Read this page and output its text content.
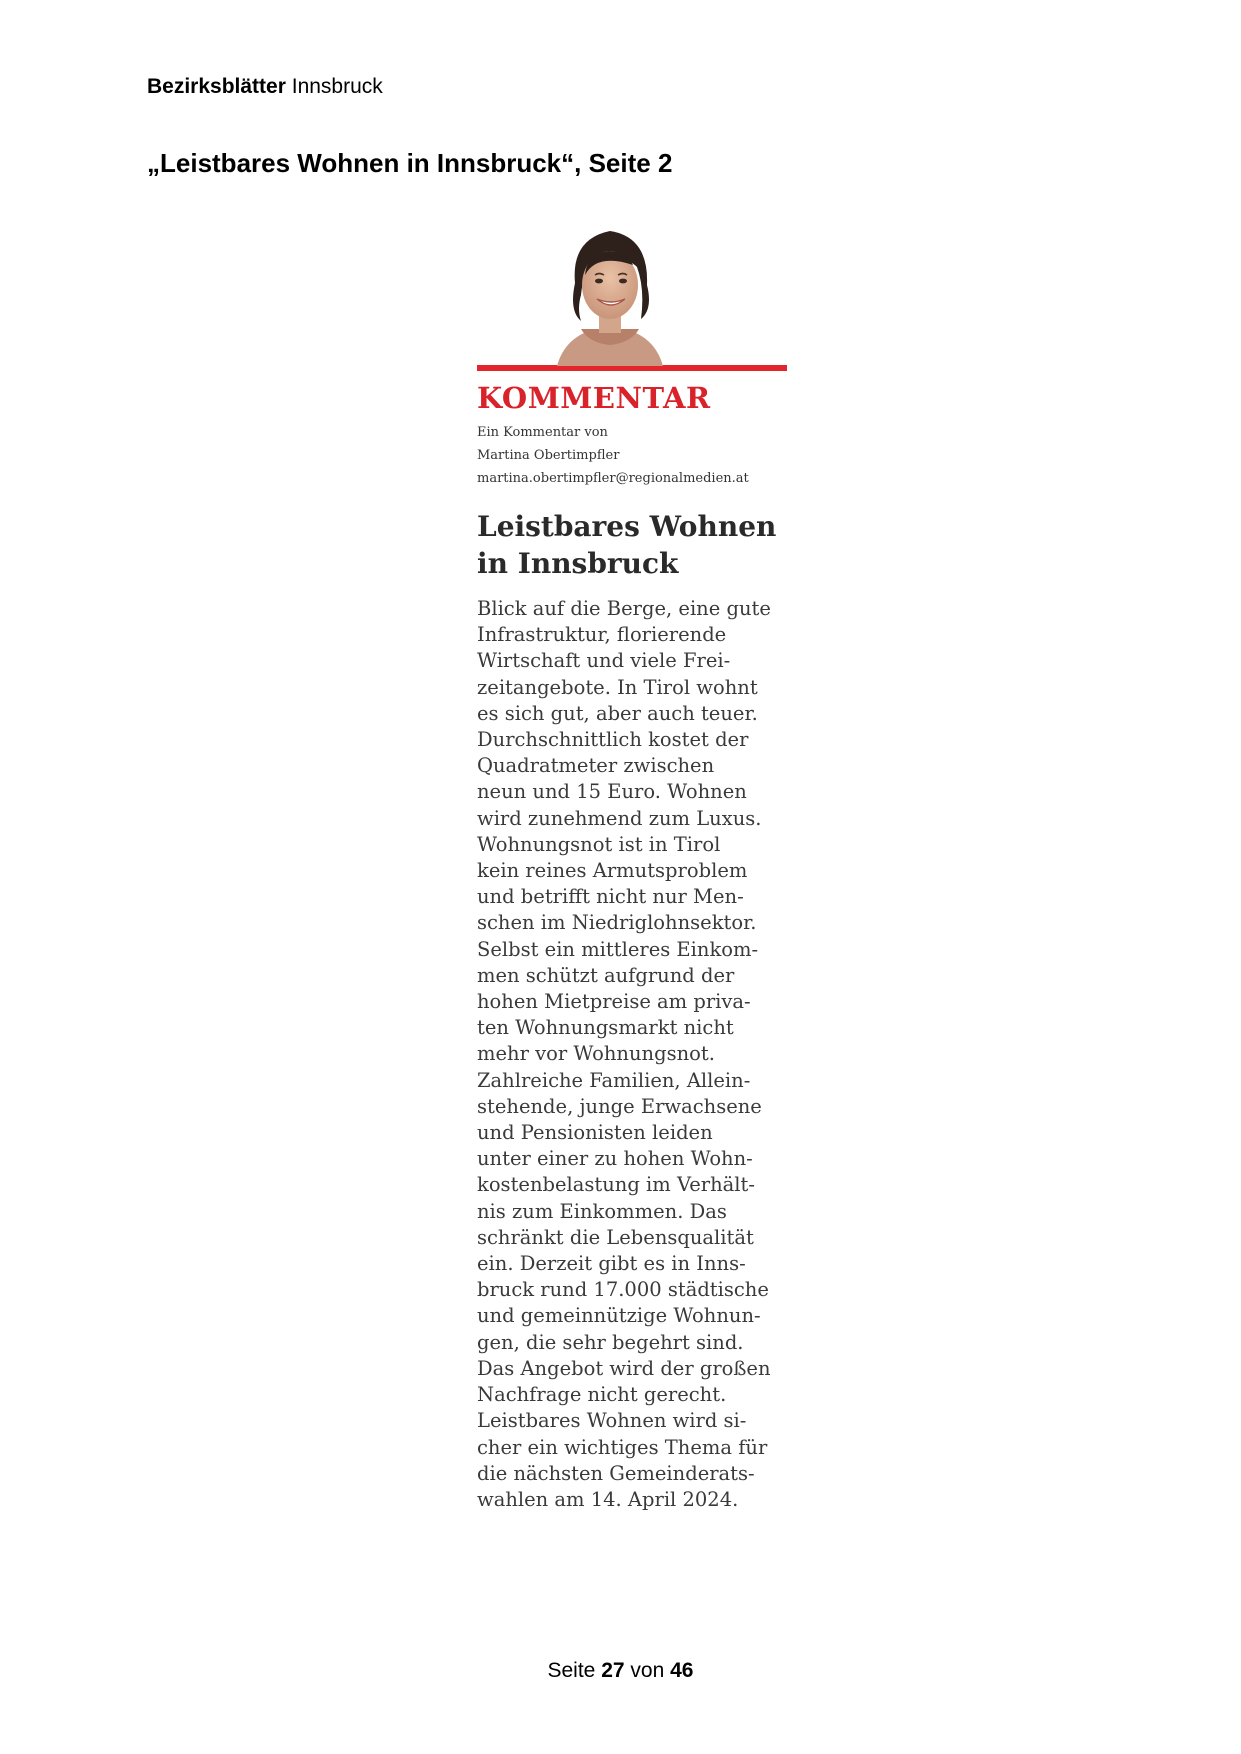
Bezirksblätter Innsbruck
„Leistbares Wohnen in Innsbruck“, Seite 2
KOMMENTAR
Ein Kommentar von
Martina Obertimpfler
martina.obertimpfler@regionalmedien.at
Leistbares Wohnen
in Innsbruck
Blick auf die Berge, eine gute
Infrastruktur, florierende
Wirtschaft und viele Frei-
zeitangebote. In Tirol wohnt
es sich gut, aber auch teuer.
Durchschnittlich kostet der
Quadratmeter zwischen
neun und 15 Euro. Wohnen
wird zunehmend zum Luxus.
Wohnungsnot ist in Tirol
kein reines Armutsproblem
und betrifft nicht nur Men-
schen im Niedriglohnsektor.
Selbst ein mittleres Einkom-
men schützt aufgrund der
hohen Mietpreise am priva-
ten Wohnungsmarkt nicht
mehr vor Wohnungsnot.
Zahlreiche Familien, Allein-
stehende, junge Erwachsene
und Pensionisten leiden
unter einer zu hohen Wohn-
kostenbelastung im Verhält-
nis zum Einkommen. Das
schränkt die Lebensqualität
ein. Derzeit gibt es in Inns-
bruck rund 17.000 städtische
und gemeinnützige Wohnun-
gen, die sehr begehrt sind.
Das Angebot wird der großen
Nachfrage nicht gerecht.
Leistbares Wohnen wird si-
cher ein wichtiges Thema für
die nächsten Gemeinderats-
wahlen am 14. April 2024.
Seite 27 von 46
